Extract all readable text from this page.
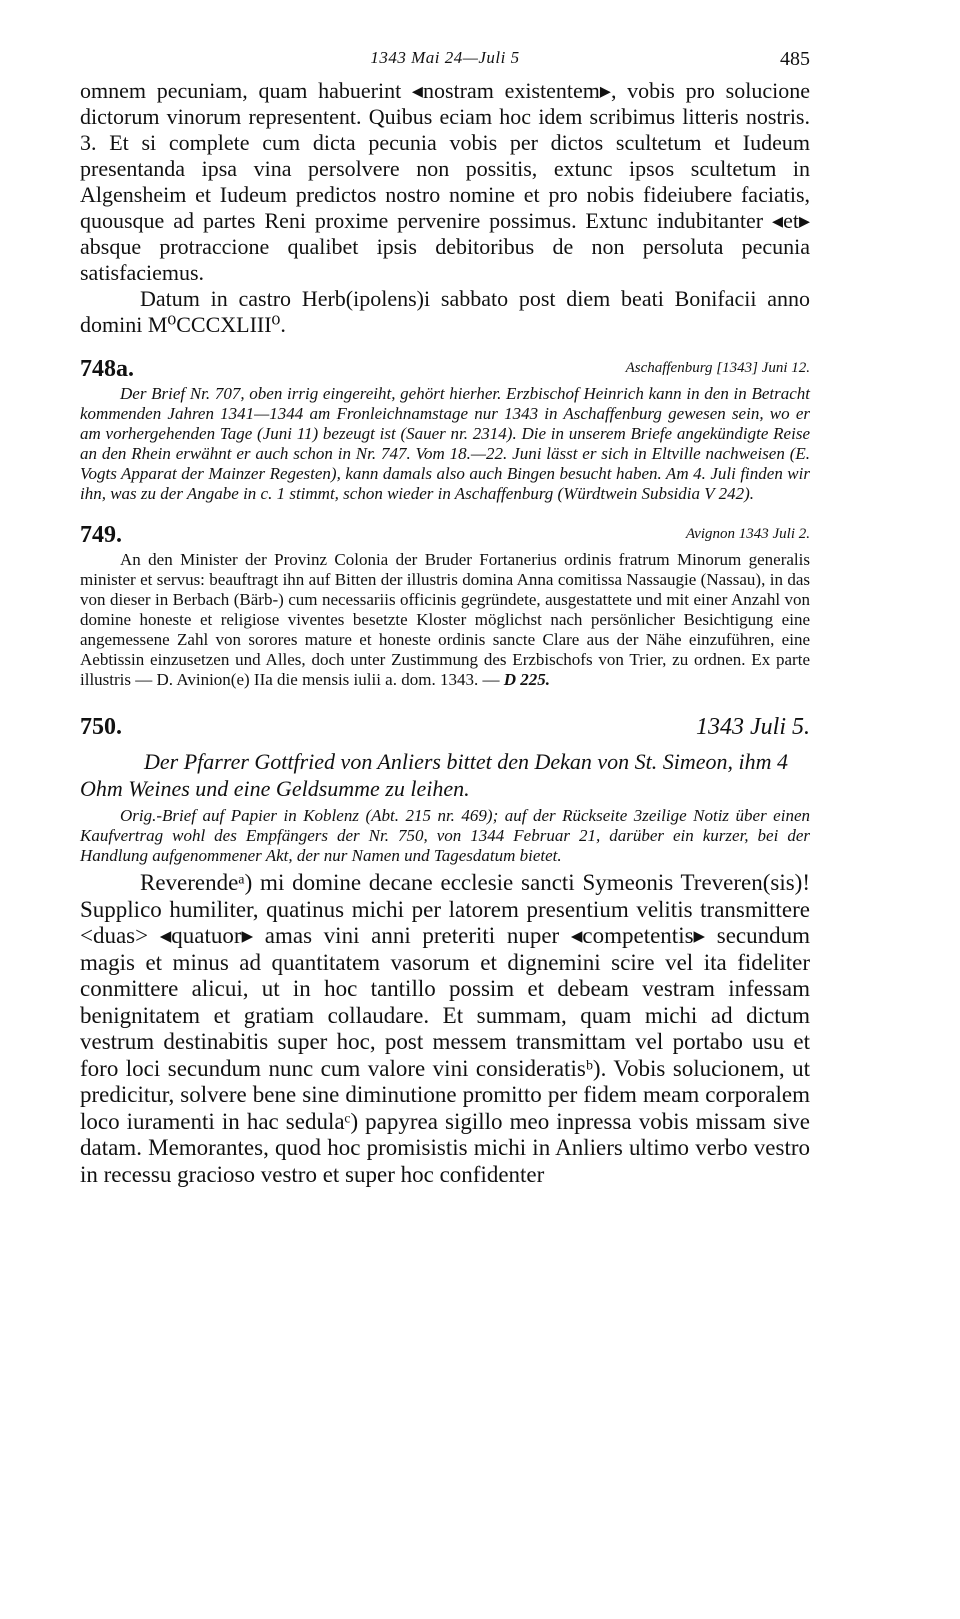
1343 Mai 24—Juli 5	485

omnem pecuniam, quam habuerint ◂nostram existentem▸, vobis pro solucione dictorum vinorum representent. Quibus eciam hoc idem scribimus litteris nostris. 3. Et si complete cum dicta pecunia vobis per dictos scultetum et Iudeum presentanda ipsa vina persolvere non possitis, extunc ipsos scultetum in Algensheim et Iudeum predictos nostro nomine et pro nobis fideiubere faciatis, quousque ad partes Reni proxime pervenire possimus. Extunc indubitanter ◂et▸ absque protraccione qualibet ipsis debitoribus de non persoluta pecunia satisfaciemus.

Datum in castro Herb(ipolens)i sabbato post diem beati Bonifacii anno domini M⁰CCCXLIII⁰.

748a.	Aschaffenburg [1343] Juni 12.

Der Brief Nr. 707, oben irrig eingereiht, gehört hierher. Erzbischof Heinrich kann in den in Betracht kommenden Jahren 1341—1344 am Fronleichnamstage nur 1343 in Aschaffenburg gewesen sein, wo er am vorhergehenden Tage (Juni 11) bezeugt ist (Sauer nr. 2314). Die in unserem Briefe angekündigte Reise an den Rhein erwähnt er auch schon in Nr. 747. Vom 18.—22. Juni lässt er sich in Eltville nachweisen (E. Vogts Apparat der Mainzer Regesten), kann damals also auch Bingen besucht haben. Am 4. Juli finden wir ihn, was zu der Angabe in c. 1 stimmt, schon wieder in Aschaffenburg (Würdtwein Subsidia V 242).

749.	Avignon 1343 Juli 2.

An den Minister der Provinz Colonia der Bruder Fortanerius ordinis fratrum Minorum generalis minister et servus: beauftragt ihn auf Bitten der illustris domina Anna comitissa Nassaugie (Nassau), in das von dieser in Berbach (Bärb-) cum necessariis officinis gegründete, ausgestattete und mit einer Anzahl von domine honeste et religiose viventes besetzte Kloster möglichst nach persönlicher Besichtigung eine angemessene Zahl von sorores mature et honeste ordinis sancte Clare aus der Nähe einzuführen, eine Aebtissin einzusetzen und Alles, doch unter Zustimmung des Erzbischofs von Trier, zu ordnen. Ex parte illustris — D. Avinion(e) IIa die mensis iulii a. dom. 1343. — D 225.

750.	1343 Juli 5.

Der Pfarrer Gottfried von Anliers bittet den Dekan von St. Simeon, ihm 4 Ohm Weines und eine Geldsumme zu leihen.

Orig.-Brief auf Papier in Koblenz (Abt. 215 nr. 469); auf der Rückseite 3zeilige Notiz über einen Kaufvertrag wohl des Empfängers der Nr. 750, von 1344 Februar 21, darüber ein kurzer, bei der Handlung aufgenommener Akt, der nur Namen und Tagesdatum bietet.

Reverendeᵃ) mi domine decane ecclesie sancti Symeonis Treveren(sis)! Supplico humiliter, quatinus michi per latorem presentium velitis transmittere <duas> ◂quatuor▸ amas vini anni preteriti nuper ◂competentis▸ secundum magis et minus ad quantitatem vasorum et dignemini scire vel ita fideliter conmittere alicui, ut in hoc tantillo possim et debeam vestram infessam benignitatem et gratiam collaudare. Et summam, quam michi ad dictum vestrum destinabitis super hoc, post messem transmittam vel portabo usu et foro loci secundum nunc cum valore vini consideratisᵇ). Vobis solucionem, ut predicitur, solvere bene sine diminutione promitto per fidem meam corporalem loco iuramenti in hac sedulaᶜ) papyrea sigillo meo inpressa vobis missam sive datam. Memorantes, quod hoc promisistis michi in Anliers ultimo verbo vestro in recessu gracioso vestro et super hoc confidenter
